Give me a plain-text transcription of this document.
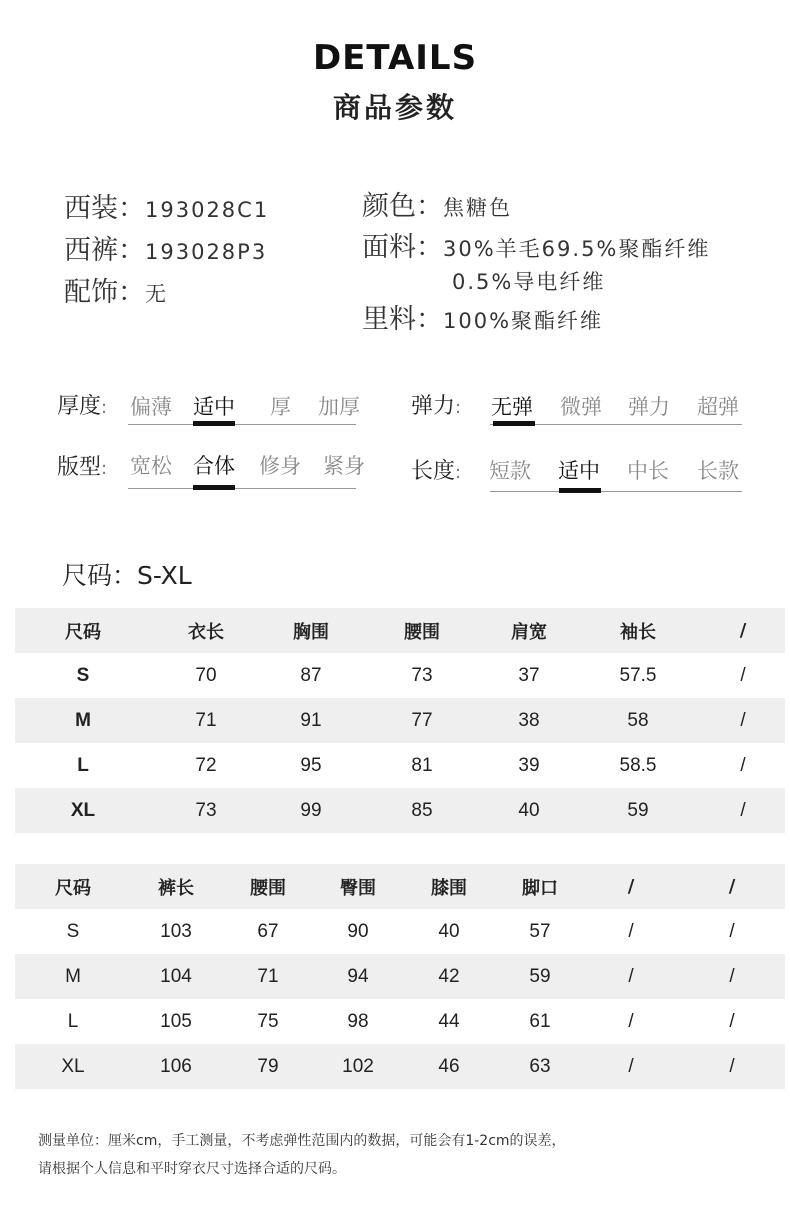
DETAILS
商品参数
西装：193028C1
西裤：193028P3
配饰：无
颜色：焦糖色
面料：30%羊毛69.5%聚酯纤维
0.5%导电纤维
里料：100%聚酯纤维
厚度: 偏薄 适中 厚 加厚 弹力: 无弹 微弹 弹力 超弹
版型: 宽松 合体 修身 紧身 长度: 短款 适中 中长 长款
尺码：S-XL
尺码	衣长	胸围	腰围	肩宽	袖长	/
S	70	87	73	37	57.5	/
M	71	91	77	38	58	/
L	72	95	81	39	58.5	/
XL	73	99	85	40	59	/
尺码	裤长	腰围	臀围	膝围	脚口	/	/
S	103	67	90	40	57	/	/
M	104	71	94	42	59	/	/
L	105	75	98	44	61	/	/
XL	106	79	102	46	63	/	/
测量单位：厘米cm，手工测量，不考虑弹性范围内的数据，可能会有1-2cm的误差，
请根据个人信息和平时穿衣尺寸选择合适的尺码。
